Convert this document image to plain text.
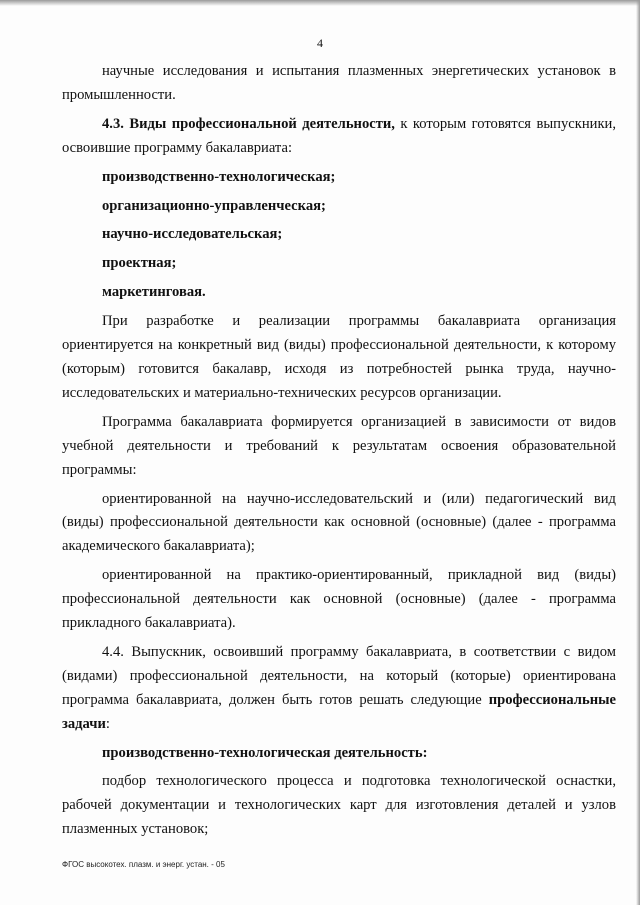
4

научные исследования и испытания плазменных энергетических установок в промышленности.

4.3. Виды профессиональной деятельности, к которым готовятся выпускники, освоившие программу бакалавриата:

производственно-технологическая;

организационно-управленческая;

научно-исследовательская;

проектная;

маркетинговая.

При разработке и реализации программы бакалавриата организация ориентируется на конкретный вид (виды) профессиональной деятельности, к которому (которым) готовится бакалавр, исходя из потребностей рынка труда, научно-исследовательских и материально-технических ресурсов организации.

Программа бакалавриата формируется организацией в зависимости от видов учебной деятельности и требований к результатам освоения образовательной программы:

ориентированной на научно-исследовательский и (или) педагогический вид (виды) профессиональной деятельности как основной (основные) (далее - программа академического бакалавриата);

ориентированной на практико-ориентированный, прикладной вид (виды) профессиональной деятельности как основной (основные) (далее - программа прикладного бакалавриата).

4.4. Выпускник, освоивший программу бакалавриата, в соответствии с видом (видами) профессиональной деятельности, на который (которые) ориентирована программа бакалавриата, должен быть готов решать следующие профессиональные задачи:

производственно-технологическая деятельность:

подбор технологического процесса и подготовка технологической оснастки, рабочей документации и технологических карт для изготовления деталей и узлов плазменных установок;

ФГОС высокотех. плазм. и энерг. устан. - 05
